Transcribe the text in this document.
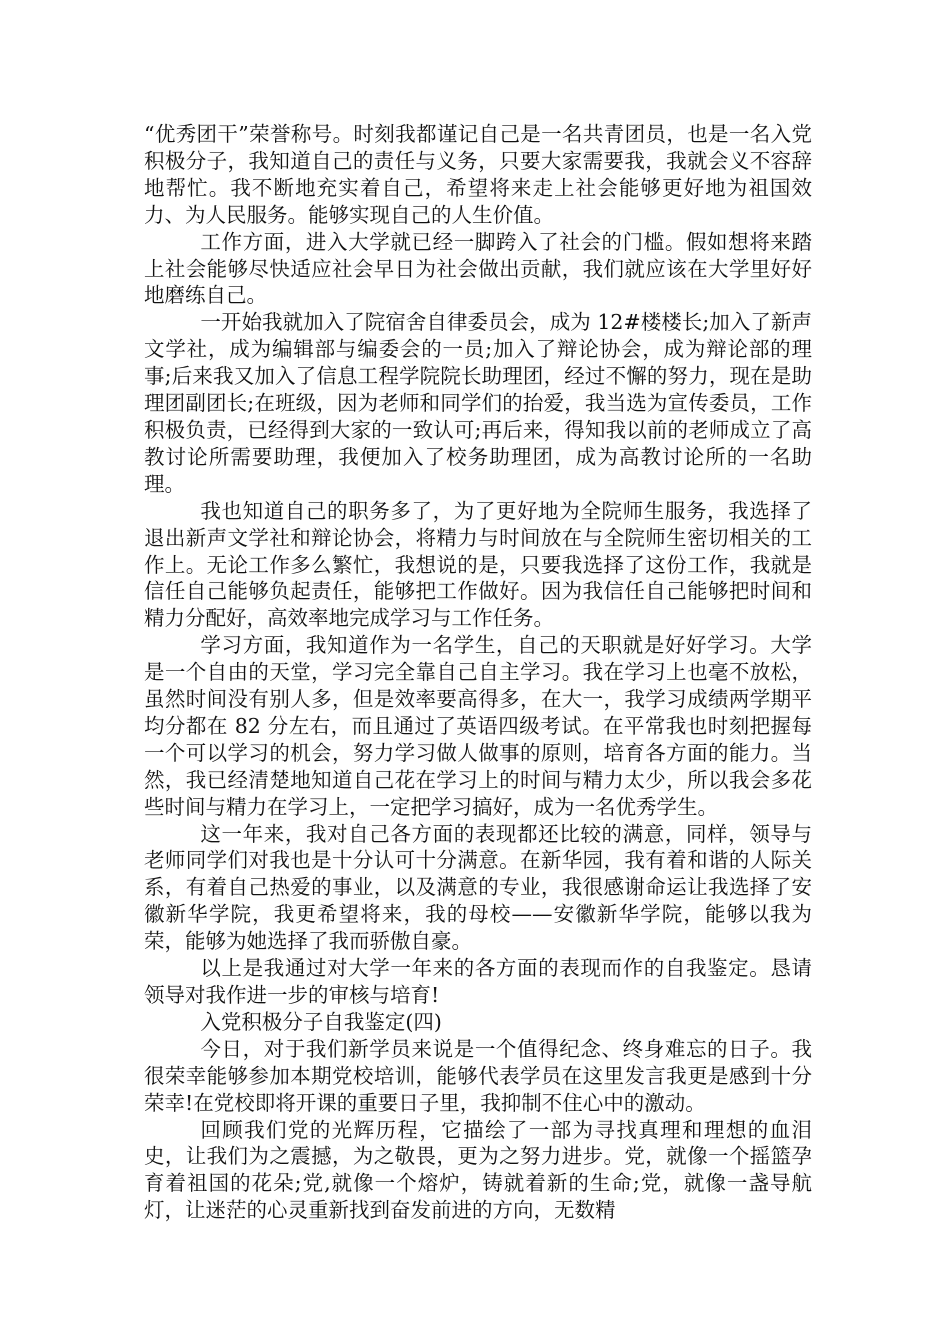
“优秀团干”荣誉称号。时刻我都谨记自己是一名共青团员，也是一名入党积极分子，我知道自己的责任与义务，只要大家需要我，我就会义不容辞地帮忙。我不断地充实着自己，希望将来走上社会能够更好地为祖国效力、为人民服务。能够实现自己的人生价值。

工作方面，进入大学就已经一脚跨入了社会的门槛。假如想将来踏上社会能够尽快适应社会早日为社会做出贡献，我们就应该在大学里好好地磨练自己。

一开始我就加入了院宿舍自律委员会，成为 12#楼楼长;加入了新声文学社，成为编辑部与编委会的一员;加入了辩论协会，成为辩论部的理事;后来我又加入了信息工程学院院长助理团，经过不懈的努力，现在是助理团副团长;在班级，因为老师和同学们的抬爱，我当选为宣传委员，工作积极负责，已经得到大家的一致认可;再后来，得知我以前的老师成立了高教讨论所需要助理，我便加入了校务助理团，成为高教讨论所的一名助理。

我也知道自己的职务多了，为了更好地为全院师生服务，我选择了退出新声文学社和辩论协会，将精力与时间放在与全院师生密切相关的工作上。无论工作多么繁忙，我想说的是，只要我选择了这份工作，我就是信任自己能够负起责任，能够把工作做好。因为我信任自己能够把时间和精力分配好，高效率地完成学习与工作任务。

学习方面，我知道作为一名学生，自己的天职就是好好学习。大学是一个自由的天堂，学习完全靠自己自主学习。我在学习上也毫不放松，虽然时间没有别人多，但是效率要高得多，在大一，我学习成绩两学期平均分都在 82 分左右，而且通过了英语四级考试。在平常我也时刻把握每一个可以学习的机会，努力学习做人做事的原则，培育各方面的能力。当然，我已经清楚地知道自己花在学习上的时间与精力太少，所以我会多花些时间与精力在学习上，一定把学习搞好，成为一名优秀学生。

这一年来，我对自己各方面的表现都还比较的满意，同样，领导与老师同学们对我也是十分认可十分满意。在新华园，我有着和谐的人际关系，有着自己热爱的事业，以及满意的专业，我很感谢命运让我选择了安徽新华学院，我更希望将来，我的母校——安徽新华学院，能够以我为荣，能够为她选择了我而骄傲自豪。

以上是我通过对大学一年来的各方面的表现而作的自我鉴定。恳请领导对我作进一步的审核与培育!

入党积极分子自我鉴定(四)

今日，对于我们新学员来说是一个值得纪念、终身难忘的日子。我很荣幸能够参加本期党校培训，能够代表学员在这里发言我更是感到十分荣幸!在党校即将开课的重要日子里，我抑制不住心中的激动。

回顾我们党的光辉历程，它描绘了一部为寻找真理和理想的血泪史，让我们为之震撼，为之敬畏，更为之努力进步。党，就像一个摇篮孕育着祖国的花朵;党,就像一个熔炉，铸就着新的生命;党，就像一盏导航灯，让迷茫的心灵重新找到奋发前进的方向，无数精
